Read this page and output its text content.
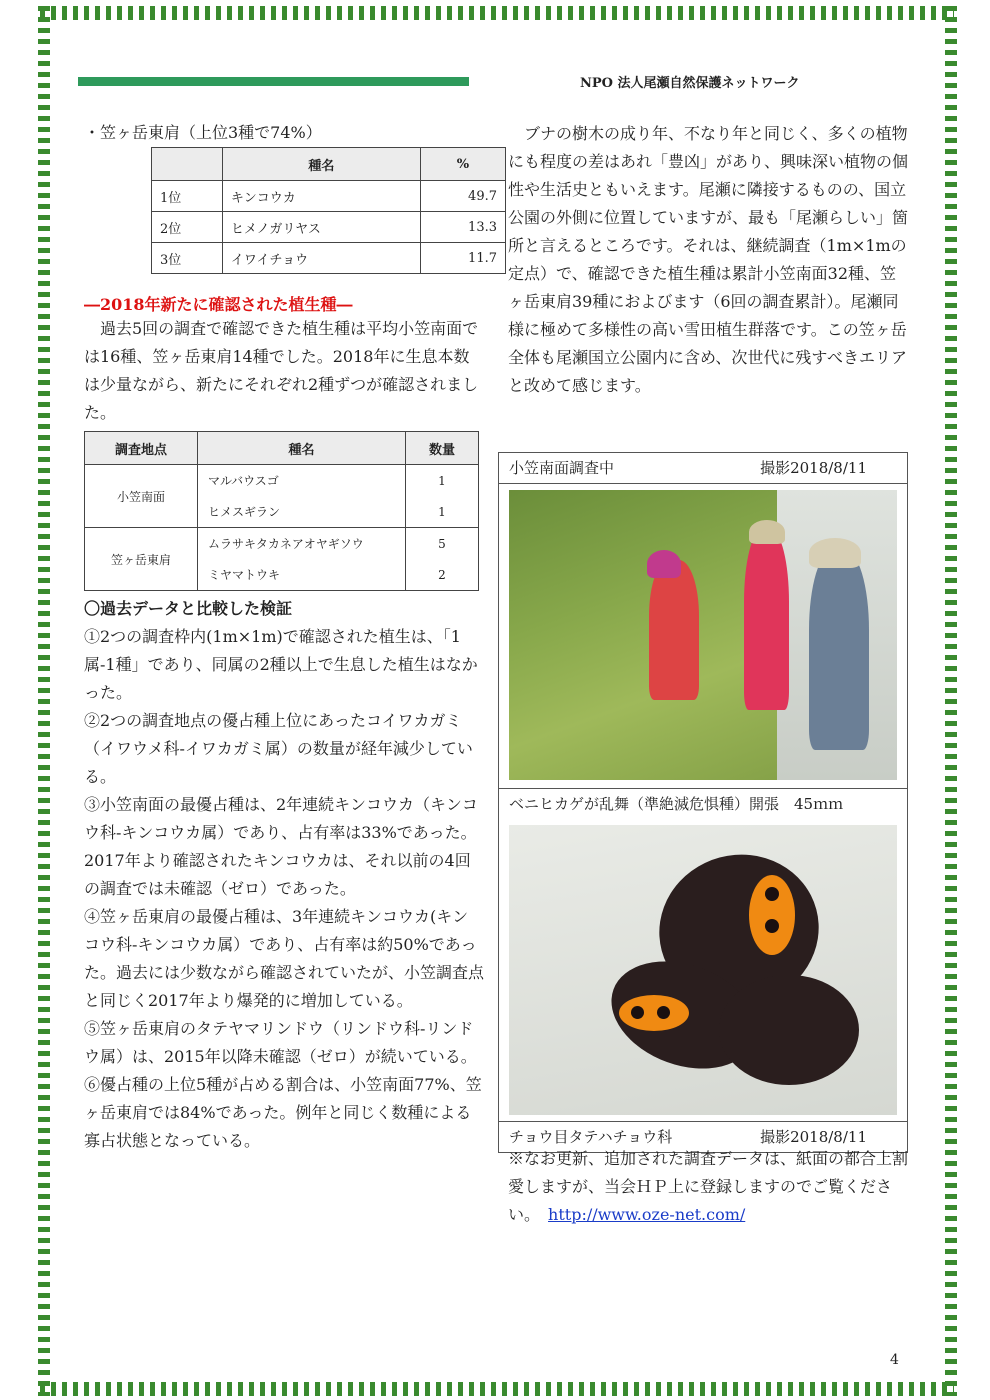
NPO 法人尾瀬自然保護ネットワーク
・笠ヶ岳東肩（上位3種で74%）
	種名	%
1位	キンコウカ	49.7
2位	ヒメノガリヤス	13.3
3位	イワイチョウ	11.7
―2018年新たに確認された植生種―

　過去5回の調査で確認できた植生種は平均小笠南面では16種、笠ヶ岳東肩14種でした。2018年に生息本数は少量ながら、新たにそれぞれ2種ずつが確認されました。

調査地点	種名	数量
小笠南面	マルバウスゴ	1
	ヒメスギラン	1
笠ヶ岳東肩	ムラサキタカネアオヤギソウ	5
	ミヤマトウキ	2

〇過去データと比較した検証

①2つの調査枠内(1m×1m)で確認された植生は、「1属-1種」であり、同属の2種以上で生息した植生はなかった。

②2つの調査地点の優占種上位にあったコイワカガミ（イワウメ科-イワカガミ属）の数量が経年減少している。

③小笠南面の最優占種は、2年連続キンコウカ（キンコウ科-キンコウカ属）であり、占有率は33%であった。2017年より確認されたキンコウカは、それ以前の4回の調査では未確認（ゼロ）であった。

④笠ヶ岳東肩の最優占種は、3年連続キンコウカ(キンコウ科-キンコウカ属）であり、占有率は約50%であった。過去には少数ながら確認されていたが、小笠調査点と同じく2017年より爆発的に増加している。

⑤笠ヶ岳東肩のタテヤマリンドウ（リンドウ科-リンドウ属）は、2015年以降未確認（ゼロ）が続いている。

⑥優占種の上位5種が占める割合は、小笠南面77%、笠ヶ岳東肩では84%であった。例年と同じく数種による寡占状態となっている。

　ブナの樹木の成り年、不なり年と同じく、多くの植物にも程度の差はあれ「豊凶」があり、興味深い植物の個性や生活史ともいえます。尾瀬に隣接するものの、国立公園の外側に位置していますが、最も「尾瀬らしい」箇所と言えるところです。それは、継続調査（1m×1mの定点）で、確認できた植生種は累計小笠南面32種、笠ヶ岳東肩39種におよびます（6回の調査累計）。尾瀬同様に極めて多様性の高い雪田植生群落です。この笠ヶ岳全体も尾瀬国立公園内に含め、次世代に残すべきエリアと改めて感じます。

小笠南面調査中	撮影2018/8/11
ベニヒカゲが乱舞（準絶滅危惧種）開張　45ｍｍ
チョウ目タテハチョウ科	撮影2018/8/11

※なお更新、追加された調査データは、紙面の都合上割愛しますが、当会ＨＰ上に登録しますのでご覧ください。　 http://www.oze-net.com/

4
